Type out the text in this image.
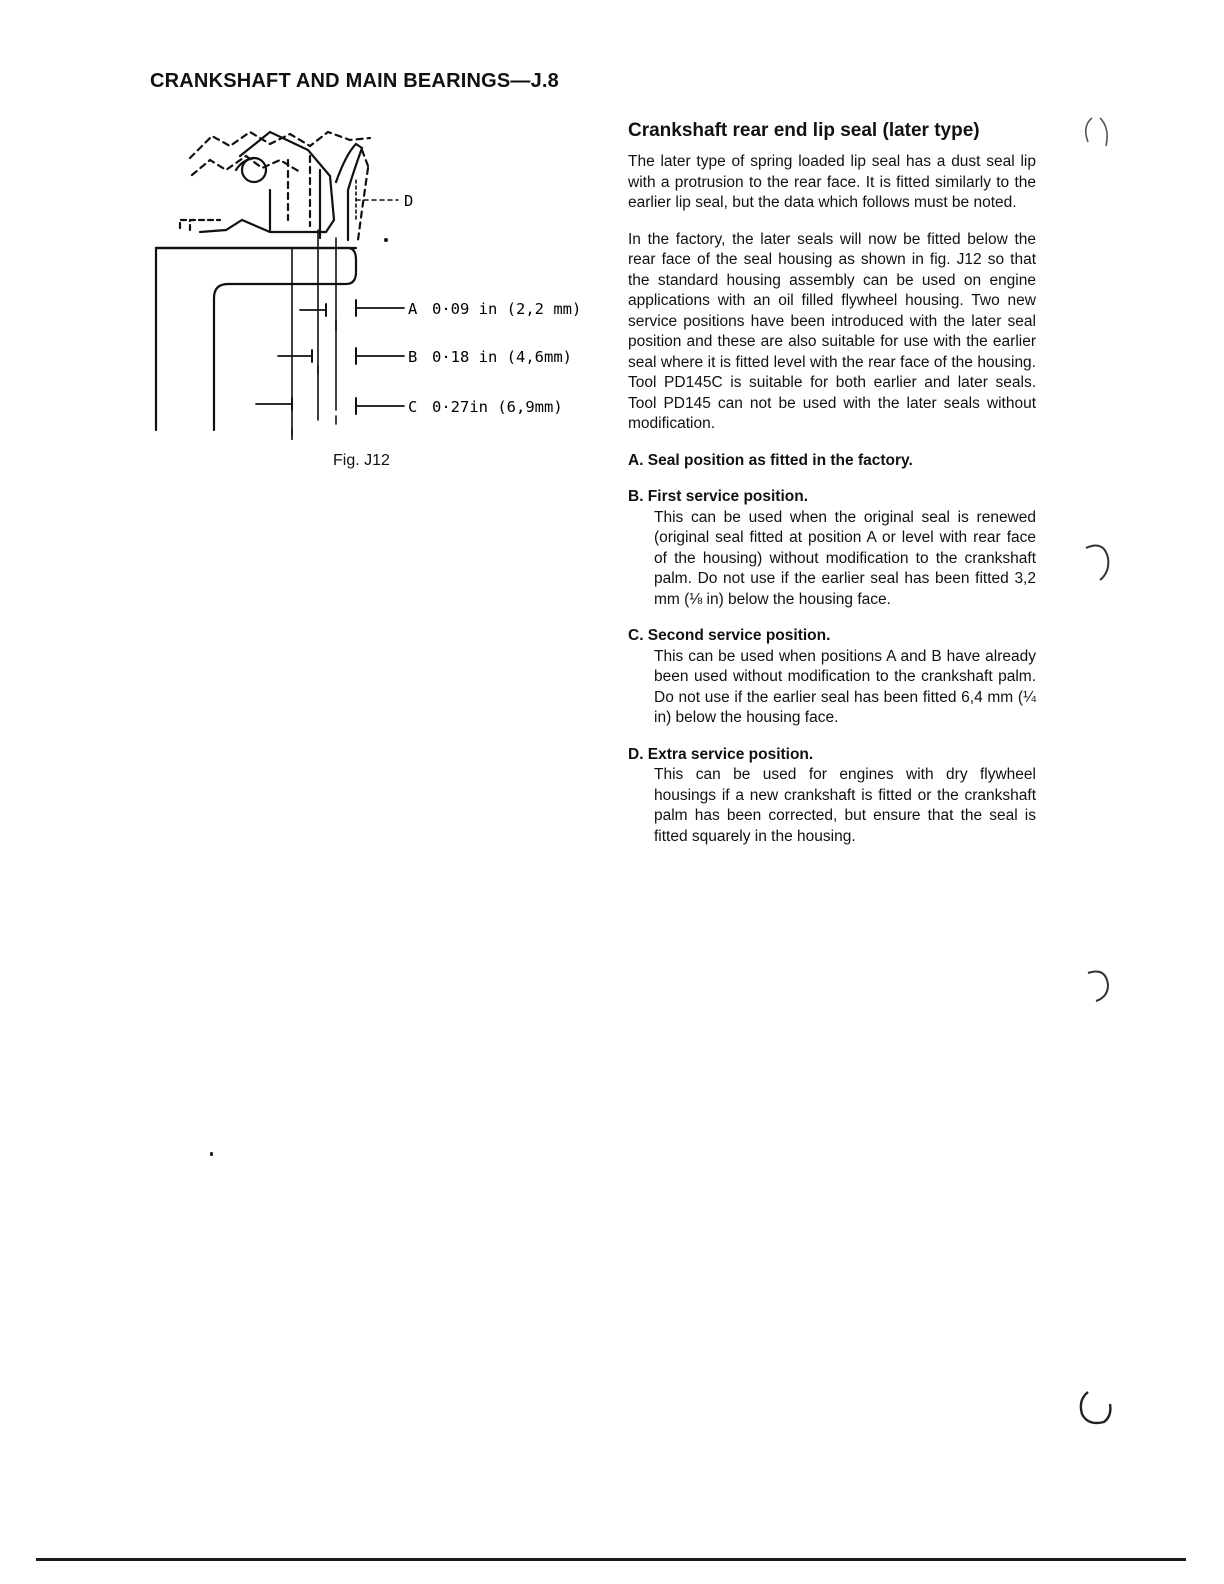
CRANKSHAFT AND MAIN BEARINGS—J.8
D
A 0·09 in (2,2 mm)
B 0·18 in (4,6mm)
C 0·27in (6,9mm)
Fig. J12
Crankshaft rear end lip seal (later type)

The later type of spring loaded lip seal has a dust seal lip with a protrusion to the rear face. It is fitted similarly to the earlier lip seal, but the data which follows must be noted.

In the factory, the later seals will now be fitted below the rear face of the seal housing as shown in fig. J12 so that the standard housing assembly can be used on engine applications with an oil filled flywheel housing. Two new service positions have been introduced with the later seal position and these are also suitable for use with the earlier seal where it is fitted level with the rear face of the housing. Tool PD145C is suitable for both earlier and later seals. Tool PD145 can not be used with the later seals without modification.

A. Seal position as fitted in the factory.
B. First service position.
This can be used when the original seal is renewed (original seal fitted at position A or level with rear face of the housing) without modification to the crankshaft palm. Do not use if the earlier seal has been fitted 3,2 mm (⅛ in) below the housing face.
C. Second service position.
This can be used when positions A and B have already been used without modification to the crankshaft palm. Do not use if the earlier seal has been fitted 6,4 mm (¼ in) below the housing face.
D. Extra service position.
This can be used for engines with dry flywheel housings if a new crankshaft is fitted or the crankshaft palm has been corrected, but ensure that the seal is fitted squarely in the housing.
